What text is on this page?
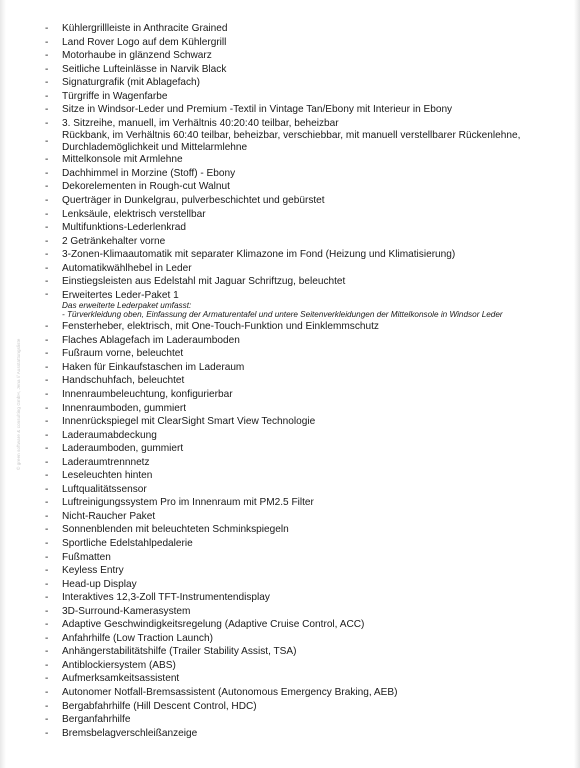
© green software & consulting GmbH, Jena // Ausstattungsliste
- Kühlergrillleiste in Anthracite Grained
- Land Rover Logo auf dem Kühlergrill
- Motorhaube in glänzend Schwarz
- Seitliche Lufteinlässe in Narvik Black
- Signaturgrafik (mit Ablagefach)
- Türgriffe in Wagenfarbe
- Sitze in Windsor-Leder und Premium -Textil in Vintage Tan/Ebony mit Interieur in Ebony
- 3. Sitzreihe, manuell, im Verhältnis 40:20:40 teilbar, beheizbar
-
Rückbank, im Verhältnis 60:40 teilbar, beheizbar, verschiebbar, mit manuell verstellbarer Rückenlehne, Durchlademöglichkeit und Mittelarmlehne
- Mittelkonsole mit Armlehne
- Dachhimmel in Morzine (Stoff) - Ebony
- Dekorelementen in Rough-cut Walnut
- Querträger in Dunkelgrau, pulverbeschichtet und gebürstet
- Lenksäule, elektrisch verstellbar
- Multifunktions-Lederlenkrad
- 2 Getränkehalter vorne
- 3-Zonen-Klimaautomatik mit separater Klimazone im Fond (Heizung und Klimatisierung)
- Automatikwählhebel in Leder
- Einstiegsleisten aus Edelstahl mit Jaguar Schriftzug, beleuchtet
- Erweitertes Leder-Paket 1
Das erweiterte Lederpaket umfasst:
- Türverkleidung oben, Einfassung der Armaturentafel und untere Seitenverkleidungen der Mittelkonsole in Windsor Leder
- Fensterheber, elektrisch, mit One-Touch-Funktion und Einklemmschutz
- Flaches Ablagefach im Laderaumboden
- Fußraum vorne, beleuchtet
- Haken für Einkaufstaschen im Laderaum
- Handschuhfach, beleuchtet
- Innenraumbeleuchtung, konfigurierbar
- Innenraumboden, gummiert
- Innenrückspiegel mit ClearSight Smart View Technologie
- Laderaumabdeckung
- Laderaumboden, gummiert
- Laderaumtrennnetz
- Leseleuchten hinten
- Luftqualitätssensor
- Luftreinigungssystem Pro im Innenraum mit PM2.5 Filter
- Nicht-Raucher Paket
- Sonnenblenden mit beleuchteten Schminkspiegeln
- Sportliche Edelstahlpedalerie
- Fußmatten
- Keyless Entry
- Head-up Display
- Interaktives 12,3-Zoll TFT-Instrumentendisplay
- 3D-Surround-Kamerasystem
- Adaptive Geschwindigkeitsregelung (Adaptive Cruise Control, ACC)
- Anfahrhilfe (Low Traction Launch)
- Anhängerstabilitätshilfe (Trailer Stability Assist, TSA)
- Antiblockiersystem (ABS)
- Aufmerksamkeitsassistent
- Autonomer Notfall-Bremsassistent (Autonomous Emergency Braking, AEB)
- Bergabfahrhilfe (Hill Descent Control, HDC)
- Berganfahrhilfe
- Bremsbelagverschleißanzeige
